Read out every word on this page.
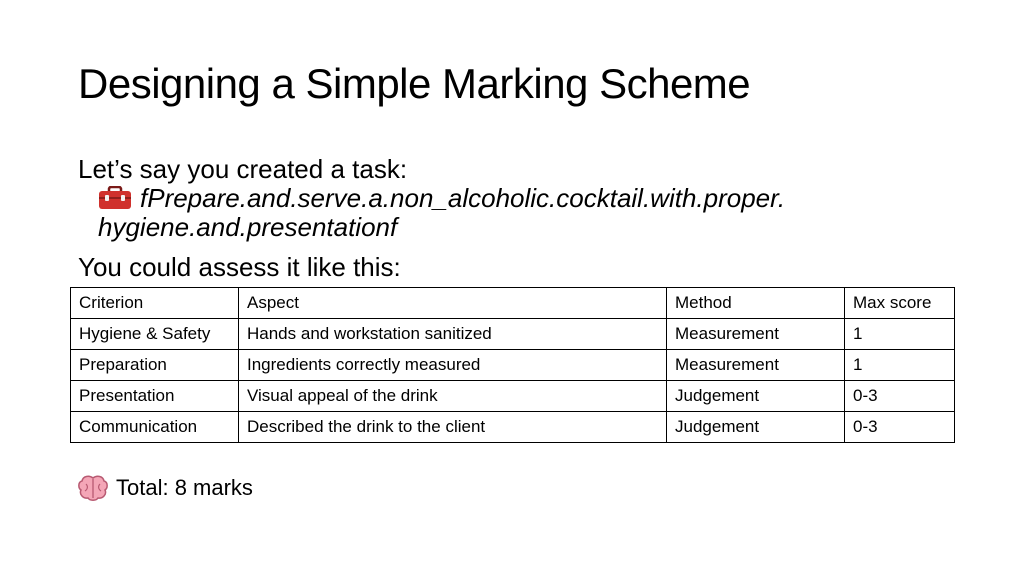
Designing a Simple Marking Scheme
Let’s say you created a task:
fPrepare.and.serve.a.non_alcoholic.cocktail.with.proper. hygiene.and.presentationf
You could assess it like this:
Criterion	Aspect	Method	Max score
Hygiene & Safety	Hands and workstation sanitized	Measurement	1
Preparation	Ingredients correctly measured	Measurement	1
Presentation	Visual appeal of the drink	Judgement	0-3
Communication	Described the drink to the client	Judgement	0-3
Total: 8 marks
